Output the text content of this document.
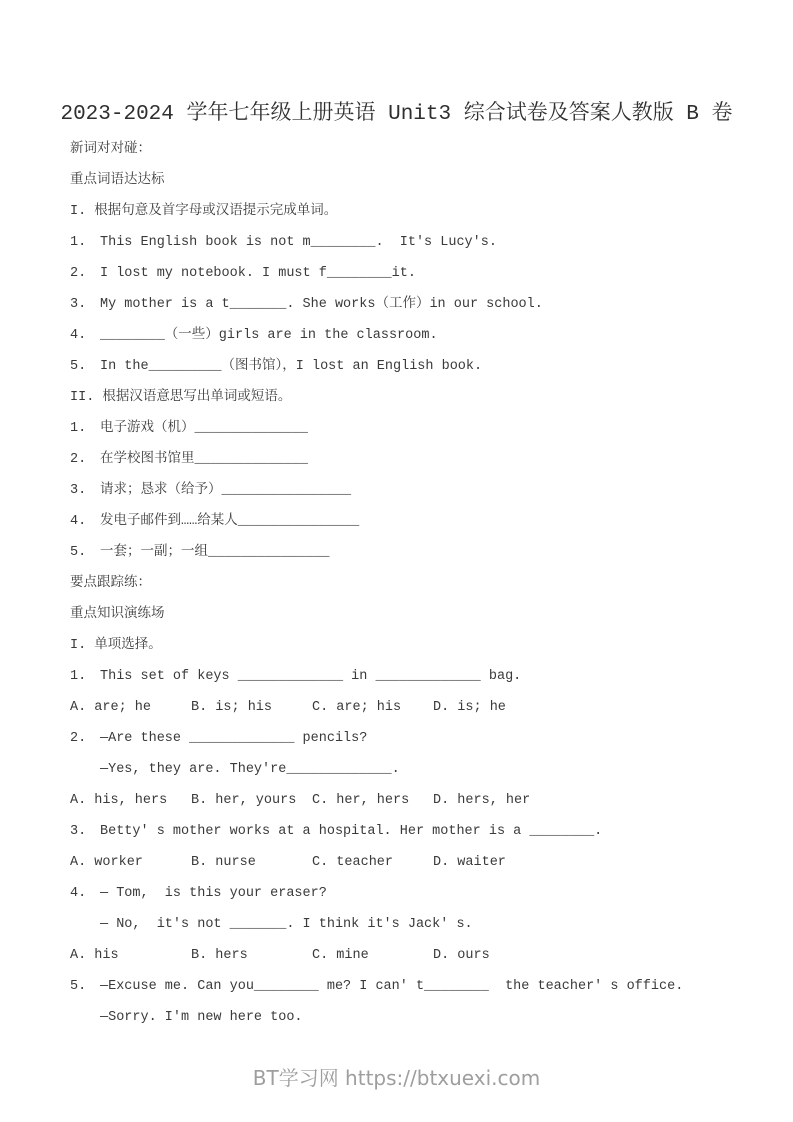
2023-2024 学年七年级上册英语 Unit3 综合试卷及答案人教版 B 卷
新词对对碰：
重点词语达达标
I. 根据句意及首字母或汉语提示完成单词。
1.	This English book is not m________.  It's Lucy's.
2.	I lost my notebook. I must f________it.
3.	My mother is a t_______. She works（工作）in our school.
4.	________（一些）girls are in the classroom.
5.	In the_________（图书馆），I lost an English book.
II. 根据汉语意思写出单词或短语。
1.	电子游戏（机）______________
2.	在学校图书馆里______________
3.	请求；恳求（给予）________________
4.	发电子邮件到……给某人_______________
5.	一套；一副；一组_______________
要点跟踪练：
重点知识演练场
I. 单项选择。
1.	This set of keys _____________ in _____________ bag.
A. are; he	B. is; his	C. are; his	D. is; he
2.	—Are these _____________ pencils?
—Yes, they are. They're_____________.
A. his, hers	B. her, yours	C. her, hers	D. hers, her
3.	Betty' s mother works at a hospital. Her mother is a ________.
A. worker	B. nurse	C. teacher	D. waiter
4.	— Tom,  is this your eraser?
— No,  it's not _______. I think it's Jack' s.
A. his	B. hers	C. mine	D. ours
5.	—Excuse me. Can you________ me? I can' t________  the teacher' s office.
—Sorry. I'm new here too.
BT学习网 https://btxuexi.com
